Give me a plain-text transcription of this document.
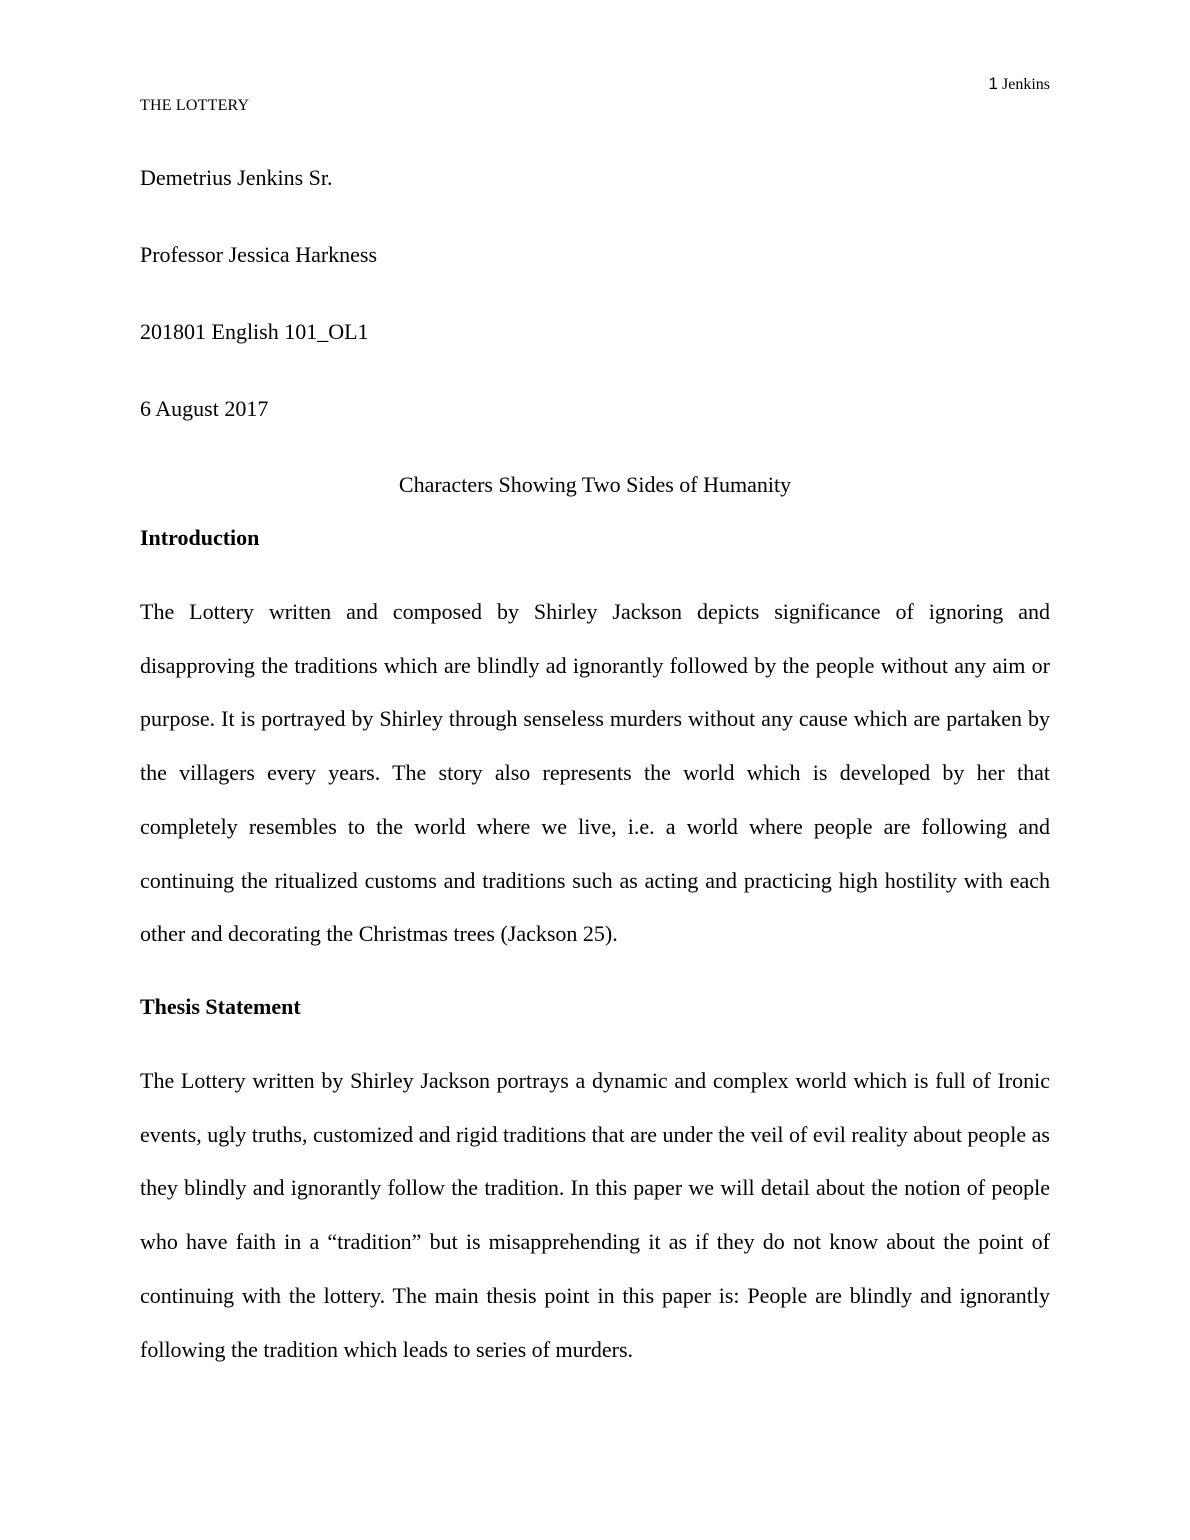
1 Jenkins
THE LOTTERY
Demetrius Jenkins Sr.
Professor Jessica Harkness
201801 English 101_OL1
6 August 2017
Characters Showing Two Sides of Humanity
Introduction

The Lottery written and composed by Shirley Jackson depicts significance of ignoring and disapproving the traditions which are blindly ad ignorantly followed by the people without any aim or purpose. It is portrayed by Shirley through senseless murders without any cause which are partaken by the villagers every years. The story also represents the world which is developed by her that completely resembles to the world where we live, i.e. a world where people are following and continuing the ritualized customs and traditions such as acting and practicing high hostility with each other and decorating the Christmas trees (Jackson 25).

Thesis Statement

The Lottery written by Shirley Jackson portrays a dynamic and complex world which is full of Ironic events, ugly truths, customized and rigid traditions that are under the veil of evil reality about people as they blindly and ignorantly follow the tradition. In this paper we will detail about the notion of people who have faith in a “tradition” but is misapprehending it as if they do not know about the point of continuing with the lottery. The main thesis point in this paper is: People are blindly and ignorantly following the tradition which leads to series of murders.
